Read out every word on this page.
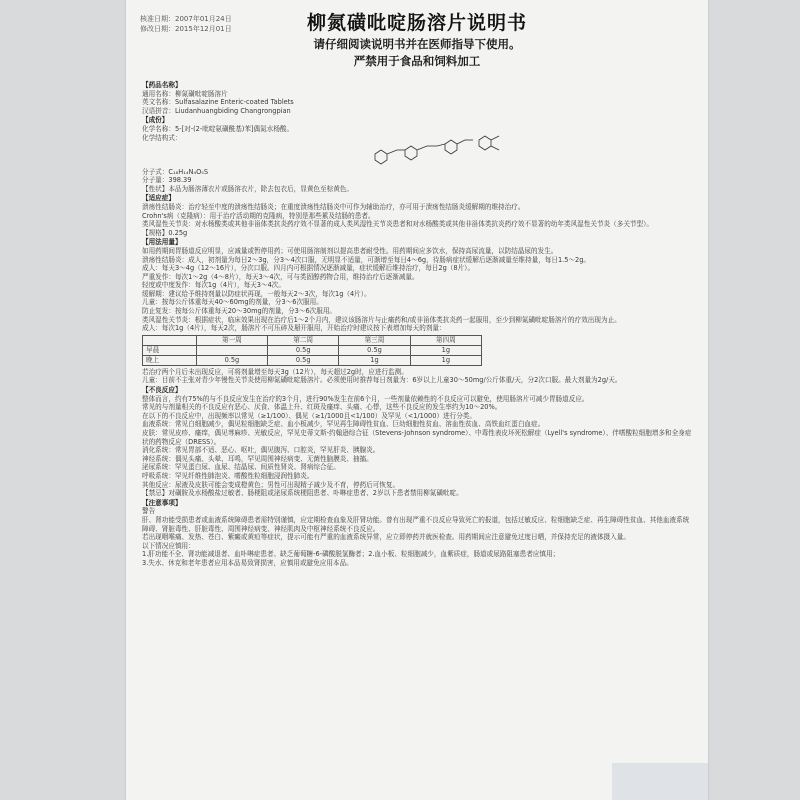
核准日期：2007年01月24日
修改日期：2015年12月01日	柳氮磺吡啶肠溶片说明书
请仔细阅读说明书并在医师指导下使用。
严禁用于食品和饲料加工

【药品名称】

通用名称：柳氮磺吡啶肠溶片

英文名称：Sulfasalazine Enteric-coated Tablets

汉语拼音：Liudanhuangbiding Changrongpian

【成份】

化学名称：5-[对-(2-吡啶氨磺酰基)苯]偶氮水杨酸。

化学结构式：

分子式：C₁₈H₁₄N₄O₅S

分子量：398.39

【性状】本品为肠溶薄衣片或肠溶衣片，除去包衣后，显黄色至棕黄色。

【适应症】

溃疡性结肠炎：治疗轻至中度的溃疡性结肠炎；在重度溃疡性结肠炎中可作为辅助治疗，亦可用于溃疡性结肠炎缓解期的维持治疗。

Crohn's病（克隆病）：用于治疗活动期的克隆病，特别是那些累及结肠的患者。

类风湿性关节炎：对水杨酸类或其他非甾体类抗炎药疗效不显著的成人类风湿性关节炎患者和对水杨酸类或其他非甾体类抗炎药疗效不显著的幼年类风湿性关节炎（多关节型）。

【规格】0.25g

【用法用量】

如用药期间胃肠道反应明显，应减量或暂停用药；可使用肠溶制剂以提高患者耐受性。用药期间应多饮水，保持高尿流量，以防结晶尿的发生。

溃疡性结肠炎：成人，初剂量为每日2～3g，分3～4次口服，无明显不适量，可渐增至每日4～6g，待肠病症状缓解后逐渐减量至维持量，每日1.5～2g。

成人：每天3～4g（12～16片），分次口服。四月内可根据情况逐渐减量，症状缓解后维持治疗，每日2g（8片）。

严重发作：每次1～2g（4～8片），每天3～4次，可与类固醇药物合用，维持治疗后逐渐减量。

轻度或中度发作：每次1g（4片），每天3～4次。

缓解期：建议给予维持剂量以防症状再现，一般每天2～3次，每次1g（4片）。

儿童：按每公斤体重每天40～60mg的剂量，分3～6次服用。

防止复发：按每公斤体重每天20～30mg的剂量，分3～6次服用。

类风湿性关节炎：根据症状，临床效果出现在治疗后1～2个月内，建议该肠溶片与止痛药和/或非甾体类抗炎药一起服用，至少到柳氮磺吡啶肠溶片的疗效出现为止。

成人：每次1g（4片），每天2次，肠溶片不可压碎及掰开服用，开始治疗时建议按下表增加每天的剂量：

	第一周	第二周	第三周	第四周
早晨		0.5g	0.5g	1g
晚上	0.5g	0.5g	1g	1g

若治疗两个月后未出现反应，可将剂量增至每天3g（12片），每天超过2g时，应进行监测。

儿童：目前不主张对青少年慢性关节炎使用柳氮磺吡啶肠溶片。必须使用时推荐每日剂量为：6岁以上儿童30～50mg/公斤体重/天，分2次口服。最大剂量为2g/天。

【不良反应】

整体而言，约有75%的与不良反应发生在治疗的3个月，进行90%发生在前6个月，一些剂量依赖性的不良反应可以避免，使用肠溶片可减少胃肠道反应。

常见的与剂量相关的不良反应有恶心、厌食、体温上升、红斑及瘙痒、头痛、心悸，这些不良反应的发生率约为10～20%。

在以下的不良反应中，出现频率以常见（≥1/100）、偶见（≥1/1000且<1/100）及罕见（<1/1000）进行分类。

血液系统：常见白细胞减少，偶见粒细胞缺乏症、血小板减少，罕见再生障碍性贫血、巨幼细胞性贫血、溶血性贫血、高铁血红蛋白血症。

皮肤：常见皮疹、瘙痒，偶见荨麻疹、光敏反应，罕见史蒂文斯-约翰逊综合征（Stevens-Johnson syndrome）、中毒性表皮坏死松解症（Lyell's syndrome）、伴嗜酸粒细胞增多和全身症状的药物反应（DRESS）。

消化系统：常见胃部不适、恶心、呕吐，偶见腹泻、口腔炎，罕见肝炎、胰腺炎。

神经系统：偶见头痛、头晕、耳鸣，罕见周围神经病变、无菌性脑膜炎、抽搐。

泌尿系统：罕见蛋白尿、血尿、结晶尿、间质性肾炎、肾病综合征。

呼吸系统：罕见纤维性肺泡炎、嗜酸性粒细胞浸润性肺炎。

其他反应：尿液及皮肤可能会变成橙黄色；男性可出现精子减少及不育，停药后可恢复。

【禁忌】对磺胺及水杨酸盐过敏者、肠梗阻或泌尿系统梗阻患者、卟啉症患者、2岁以下患者禁用柳氮磺吡啶。

【注意事项】

警告

肝、肾功能受损患者或血液系统障碍患者需特别谨慎，应定期检查血象及肝肾功能。曾有出现严重不良反应导致死亡的报道，包括过敏反应、粒细胞缺乏症、再生障碍性贫血、其他血液系统障碍、肾脏毒性、肝脏毒性、周围神经病变、神经肌肉及中枢神经系统不良反应。

若出现咽喉痛、发热、苍白、紫癜或黄疸等症状，提示可能有严重的血液系统异常，应立即停药并就医检查。用药期间应注意避免过度日晒，并保持充足的液体摄入量。

以下情况应慎用：

1.肝功能不全、肾功能减退者、血卟啉症患者、缺乏葡萄糖-6-磷酸脱氢酶者；2.血小板、粒细胞减少，血紫质症，肠道或尿路阻塞患者应慎用；

3.失水、休克和老年患者应用本品易致肾损害，应慎用或避免应用本品。
